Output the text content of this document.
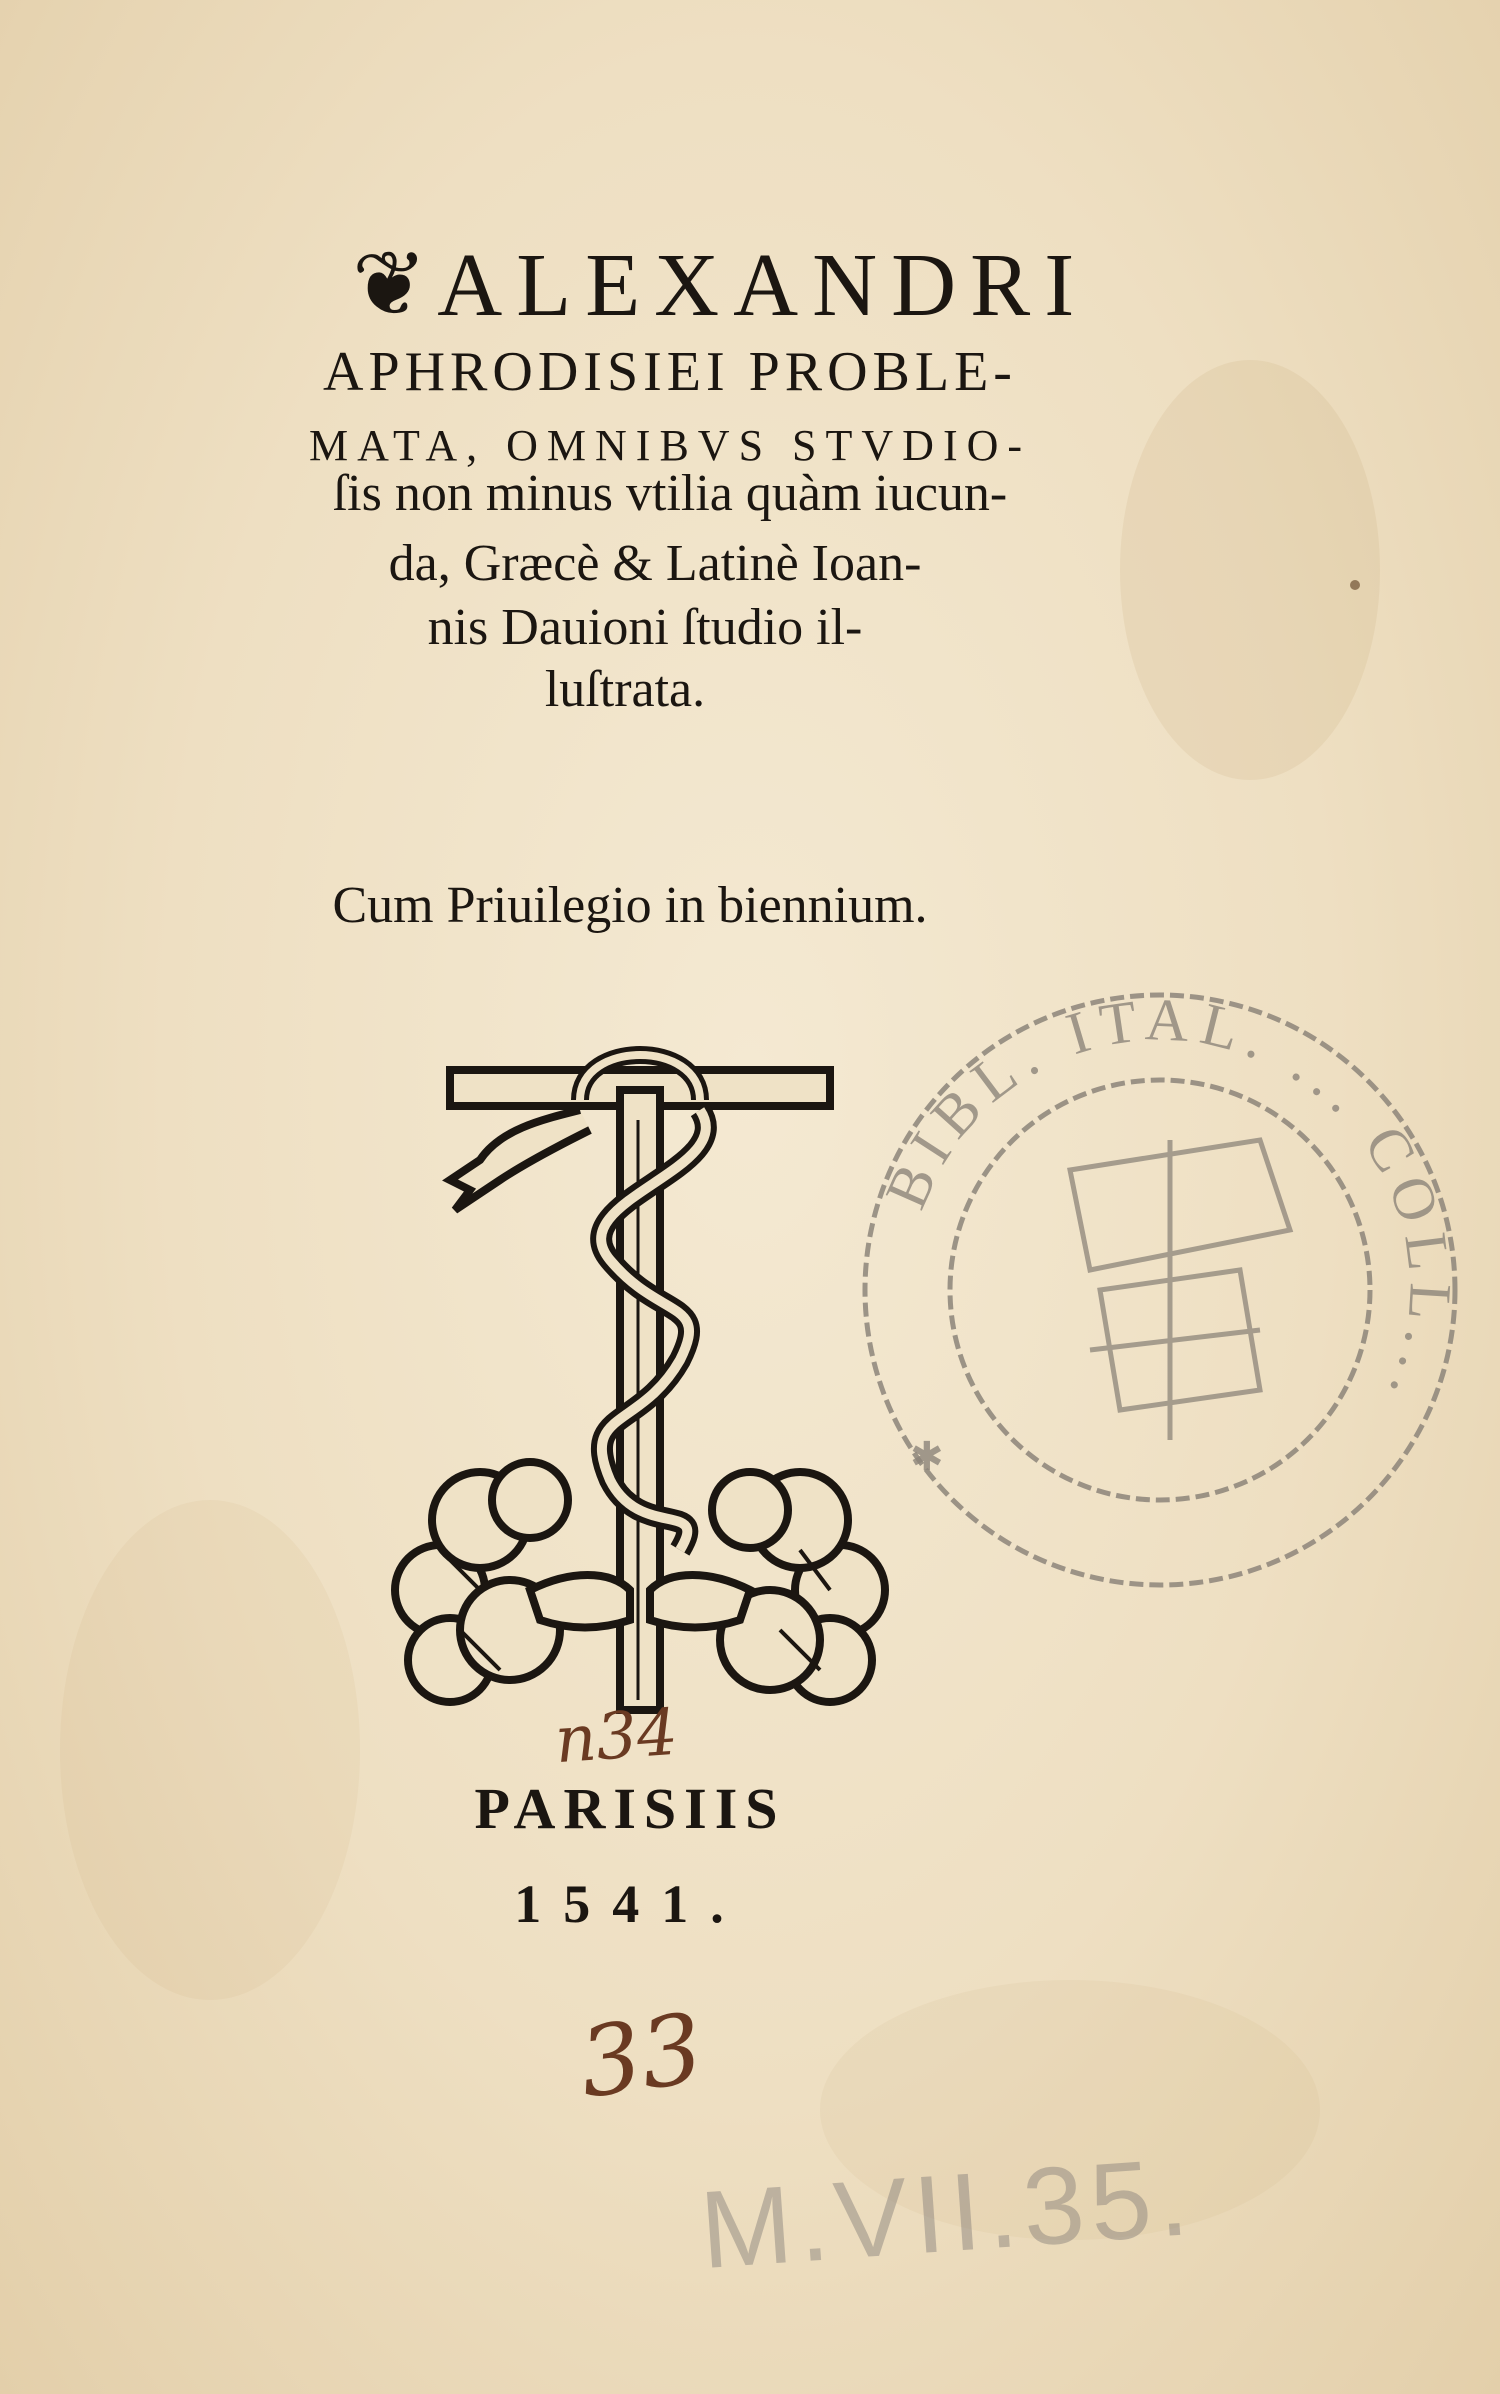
❦ ALEXANDRI
APHRODISIEI PROBLE-
MATA, OMNIBVS STVDIO-
ſis non minus vtilia quàm iucun-
da, Græcè & Latinè Ioan-
nis Dauioni ſtudio il-
luſtrata.
Cum Priuilegio in biennium.
n34
PARISIIS
1541.
33
M.VII.35.
BIBL. ITAL. ... COLL...
✱
